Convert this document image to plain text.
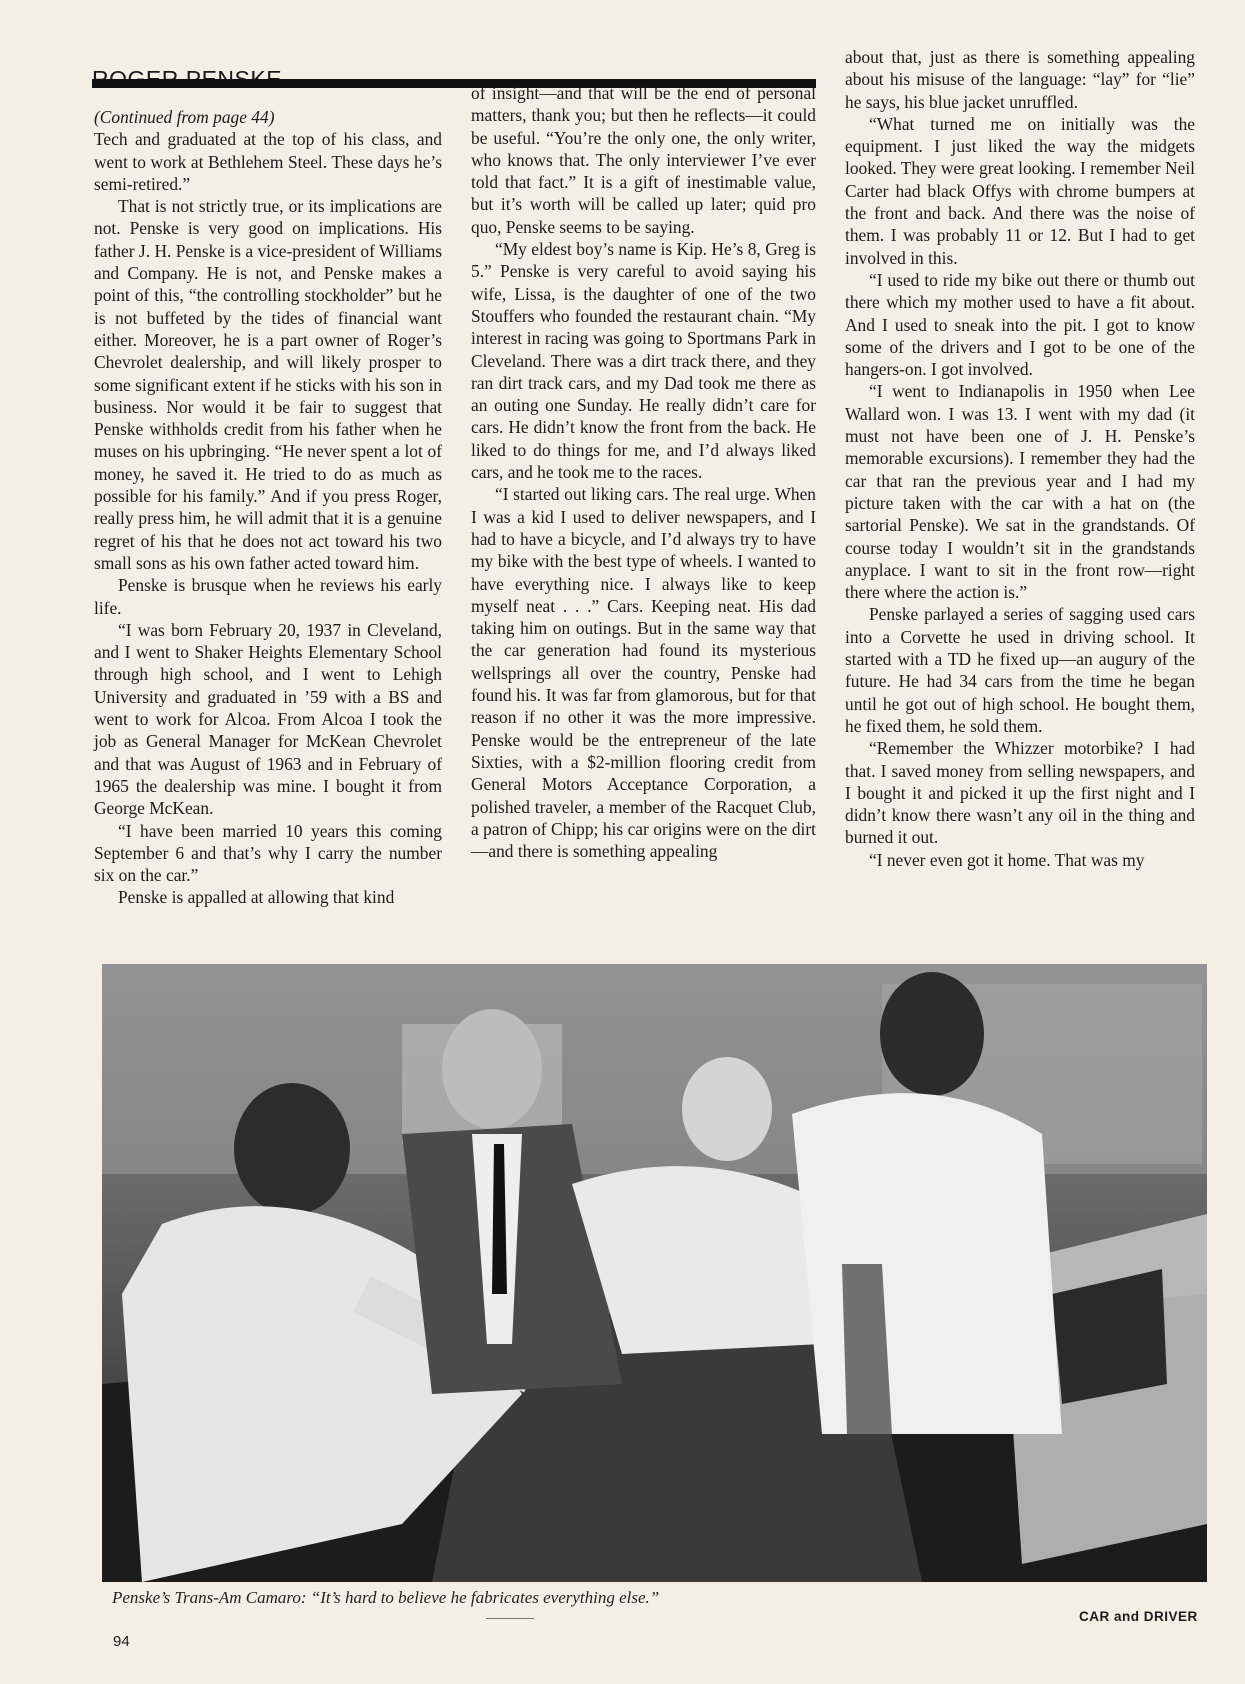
(Continued from page 44)

Tech and graduated at the top of his class, and went to work at Bethlehem Steel. These days he’s semi-retired.”

That is not strictly true, or its implications are not. Penske is very good on implications. His father J. H. Penske is a vice-president of Williams and Company. He is not, and Penske makes a point of this, “the controlling stockholder” but he is not buffeted by the tides of financial want either. Moreover, he is a part owner of Roger’s Chevrolet dealership, and will likely prosper to some significant extent if he sticks with his son in business. Nor would it be fair to suggest that Penske withholds credit from his father when he muses on his upbringing. “He never spent a lot of money, he saved it. He tried to do as much as possible for his family.” And if you press Roger, really press him, he will admit that it is a genuine regret of his that he does not act toward his two small sons as his own father acted toward him.

Penske is brusque when he reviews his early life.

“I was born February 20, 1937 in Cleveland, and I went to Shaker Heights Elementary School through high school, and I went to Lehigh University and graduated in ’59 with a BS and went to work for Alcoa. From Alcoa I took the job as General Manager for McKean Chevrolet and that was August of 1963 and in February of 1965 the dealership was mine. I bought it from George McKean.

“I have been married 10 years this coming September 6 and that’s why I carry the number six on the car.”

Penske is appalled at allowing that kind

of insight—and that will be the end of personal matters, thank you; but then he reflects—it could be useful. “You’re the only one, the only writer, who knows that. The only interviewer I’ve ever told that fact.” It is a gift of inestimable value, but it’s worth will be called up later; quid pro quo, Penske seems to be saying.

“My eldest boy’s name is Kip. He’s 8, Greg is 5.” Penske is very careful to avoid saying his wife, Lissa, is the daughter of one of the two Stouffers who founded the restaurant chain. “My interest in racing was going to Sportmans Park in Cleveland. There was a dirt track there, and they ran dirt track cars, and my Dad took me there as an outing one Sunday. He really didn’t care for cars. He didn’t know the front from the back. He liked to do things for me, and I’d always liked cars, and he took me to the races.

“I started out liking cars. The real urge. When I was a kid I used to deliver newspapers, and I had to have a bicycle, and I’d always try to have my bike with the best type of wheels. I wanted to have everything nice. I always like to keep myself neat . . .” Cars. Keeping neat. His dad taking him on outings. But in the same way that the car generation had found its mysterious wellsprings all over the country, Penske had found his. It was far from glamorous, but for that reason if no other it was the more impressive. Penske would be the entrepreneur of the late Sixties, with a $2-million flooring credit from General Motors Acceptance Corporation, a polished traveler, a member of the Racquet Club, a patron of Chipp; his car origins were on the dirt—and there is something appealing

about that, just as there is something appealing about his misuse of the language: “lay” for “lie” he says, his blue jacket unruffled.

“What turned me on initially was the equipment. I just liked the way the midgets looked. They were great looking. I remember Neil Carter had black Offys with chrome bumpers at the front and back. And there was the noise of them. I was probably 11 or 12. But I had to get involved in this.

“I used to ride my bike out there or thumb out there which my mother used to have a fit about. And I used to sneak into the pit. I got to know some of the drivers and I got to be one of the hangers-on. I got involved.

“I went to Indianapolis in 1950 when Lee Wallard won. I was 13. I went with my dad (it must not have been one of J. H. Penske’s memorable excursions). I remember they had the car that ran the previous year and I had my picture taken with the car with a hat on (the sartorial Penske). We sat in the grandstands. Of course today I wouldn’t sit in the grandstands anyplace. I want to sit in the front row—right there where the action is.”

Penske parlayed a series of sagging used cars into a Corvette he used in driving school. It started with a TD he fixed up—an augury of the future. He had 34 cars from the time he began until he got out of high school. He bought them, he fixed them, he sold them.

“Remember the Whizzer motorbike? I had that. I saved money from selling newspapers, and I bought it and picked it up the first night and I didn’t know there wasn’t any oil in the thing and burned it out.

“I never even got it home. That was my

Penske’s Trans-Am Camaro: “It’s hard to believe he fabricates everything else.”
94
CAR and DRIVER
